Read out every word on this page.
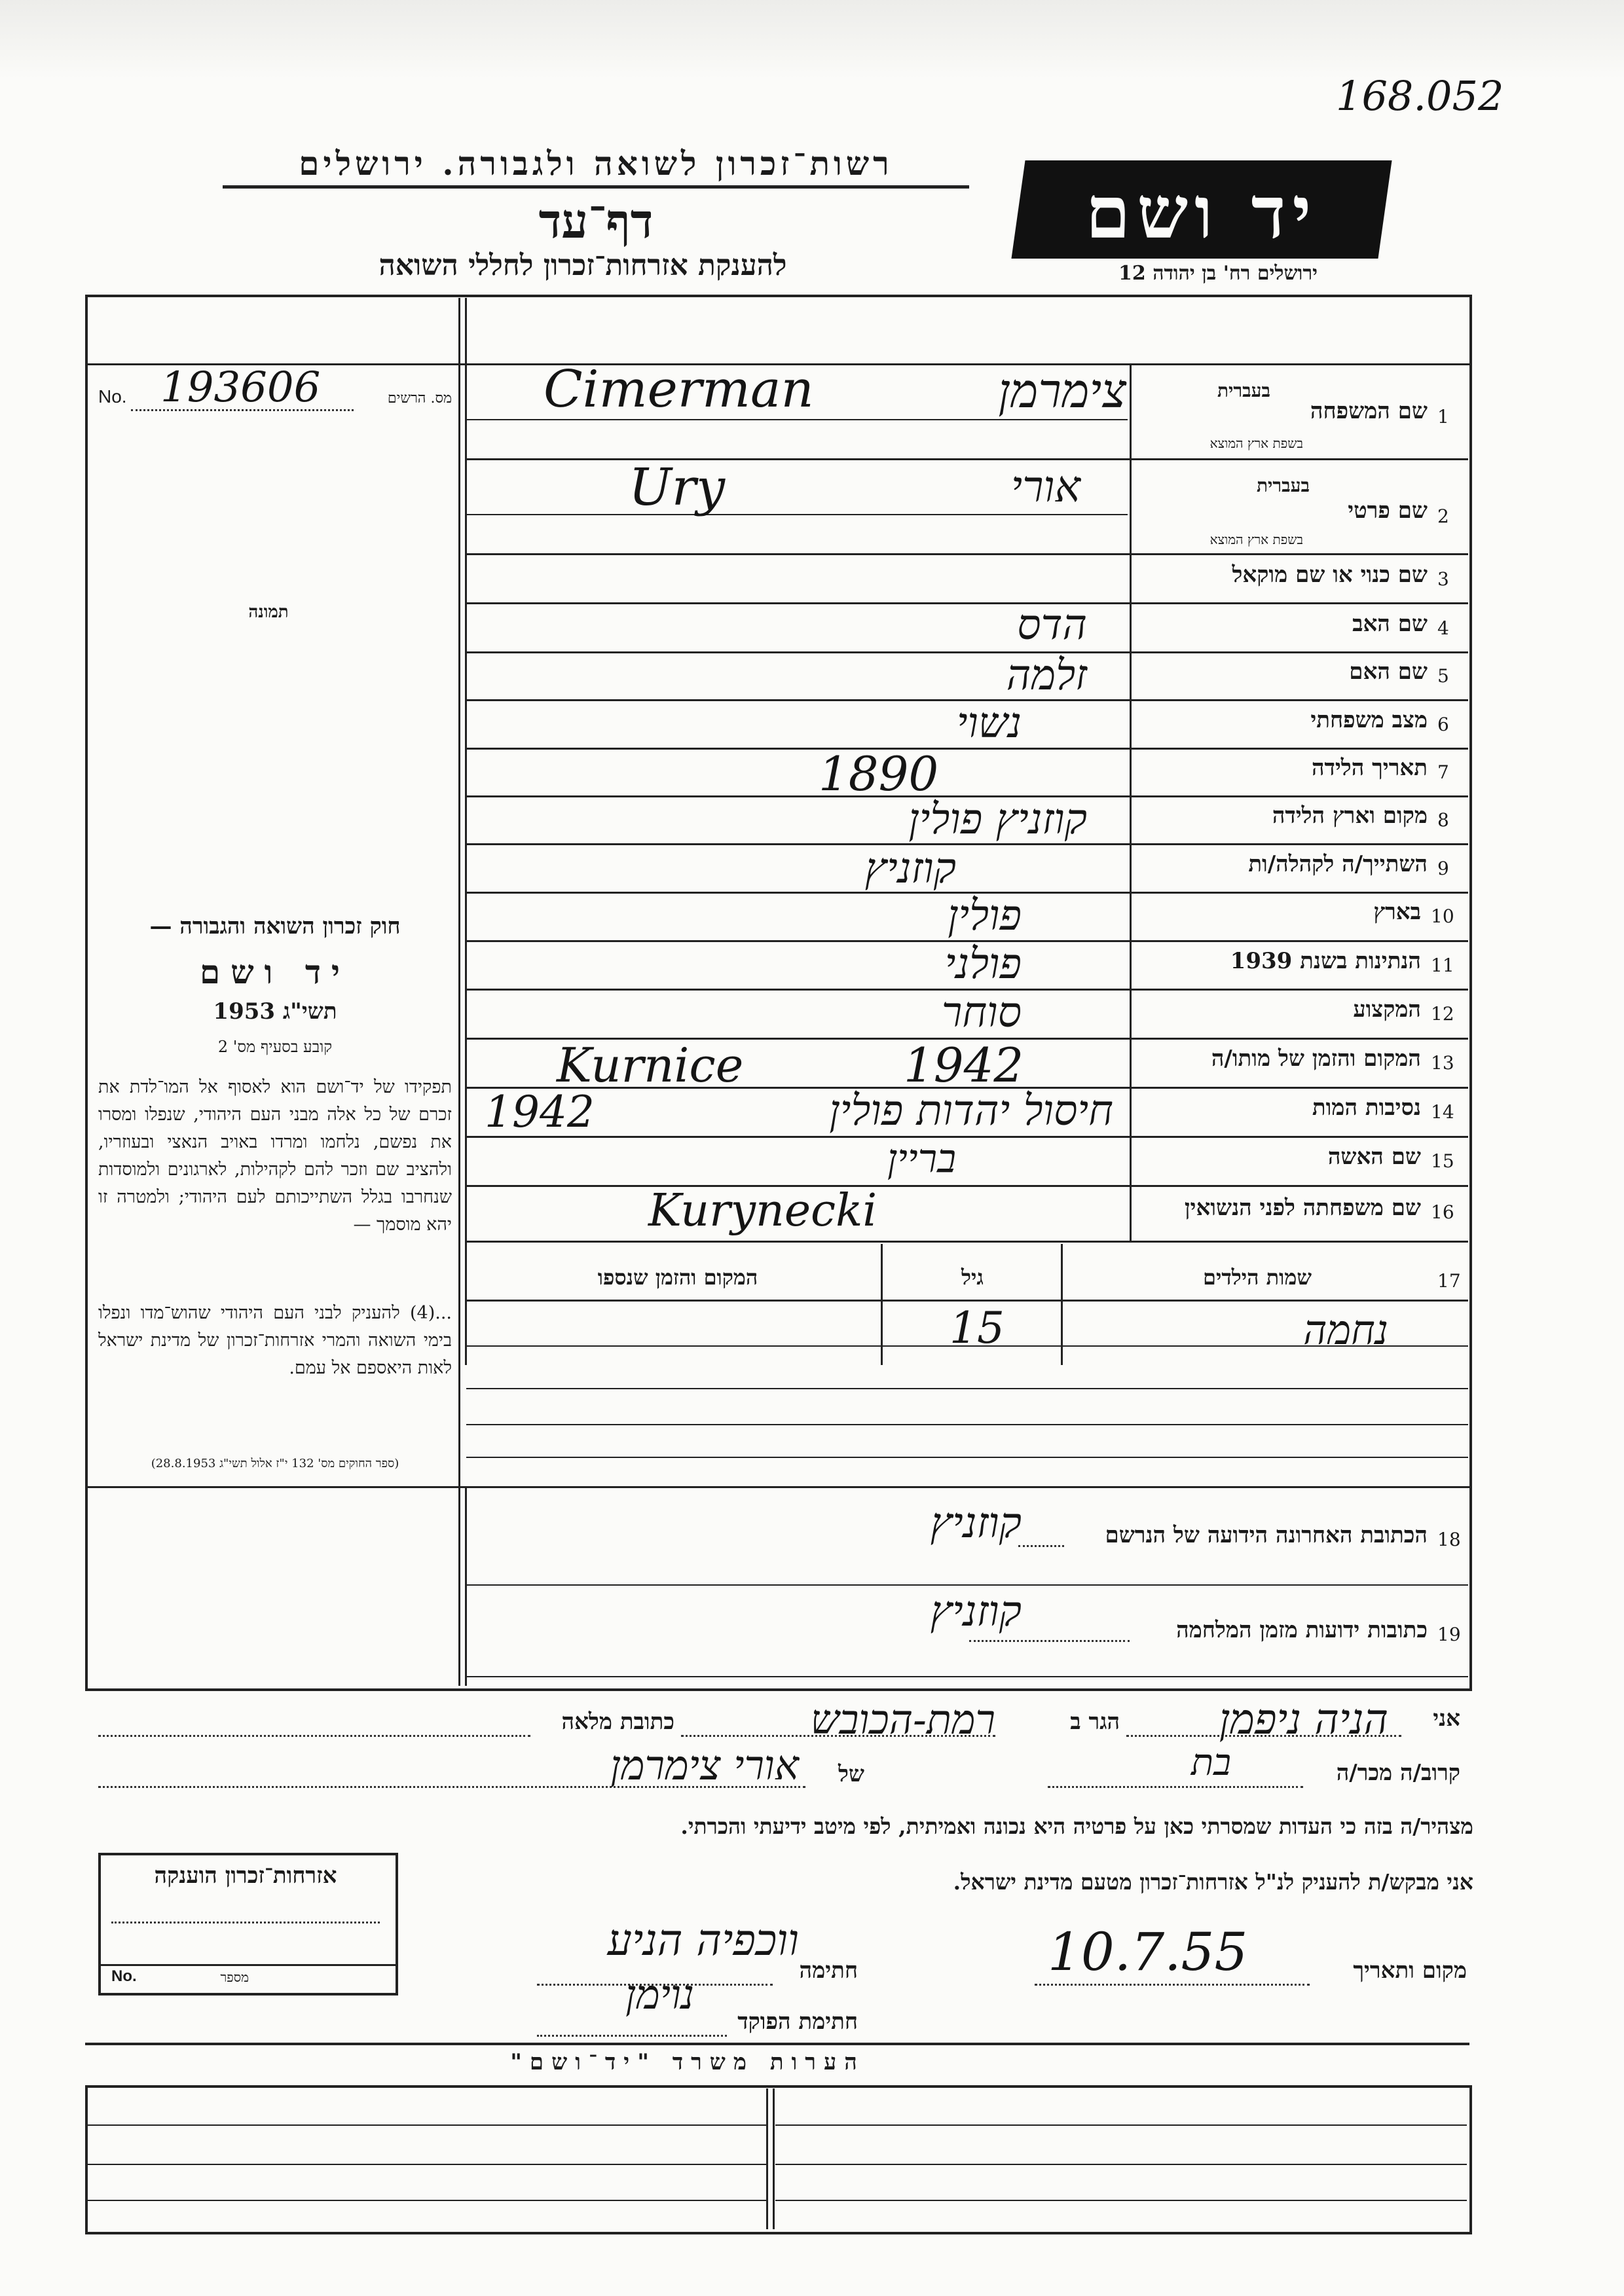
168.052
רשות־זכרון לשואה ולגבורה. ירושלים
דף־עד
להענקת אזרחות־זכרון לחללי השואה
יד ושם
ירושלים רח' בן יהודה 12
No. 193606	מס. הרשים
תמונה
חוק זכרון השואה והגבורה —
יד ושם
תשי"ג 1953
קובע בסעיף מס' 2
תפקידו של יד־ושם הוא לאסוף אל המו־לדת את זכרם של כל אלה מבני העם היהודי, שנפלו ומסרו את נפשם, נלחמו ומרדו באויב הנאצי ובעוזריו, ולהציב שם וזכר להם לקהילות, לארגונים ולמוסדות שנחרבו בגלל השתייכותם לעם היהודי; ולמטרה זו יהא מוסמך —
...(4) להעניק לבני העם היהודי שהוש־מדו ונפלו בימי השואה והמרי אזרחות־זכרון של מדינת ישראל לאות היאספם אל עמם.
(ספר החוקים מס' 132 י"ז אלול תשי"ג 28.8.1953)
1
שם המשפחה
בעברית
בשפת ארץ המוצא
Cimerman	צימרמן
2
שם פרטי
בעברית
בשפת ארץ המוצא
Ury	אורי
3
שם כנוי או שם מוקאל
4
שם האב
הדס
5
שם האם
זלמה
6
מצב משפחתי
נשוי
7
תאריך הלידה
1890
8
מקום וארץ הלידה
קוזניץ פולין
9
השתייך/ה לקהלה/ות
קוזניץ
10
בארץ
פולין
11
הנתינות בשנת 1939
פולני
12
המקצוע
סוחר
13
המקום והזמן של מותו/ה
Kurnice	1942
14
נסיבות המות
1942	חיסול יהדות פולין
15
שם האשה
בריין
16
שם משפחתה לפני הנשואין
Kurynecki
17
שמות הילדים
גיל
המקום והזמן שנספו
נחמה
15
18
הכתובת האחרונה הידועה של הנרשם
קוזניץ
19
כתובות ידועות מזמן המלחמה
קוזניץ
אני
הניה ניפמן
הגר ב
רמת-הכובש
כתובת מלאה
קרוב/ה מכר/ה
בת
של
אורי צימרמן
מצהיר/ה בזה כי העדות שמסרתי כאן על פרטיה היא נכונה ואמיתית, לפי מיטב ידיעתי והכרתי.
אני מבקש/ת להעניק לנ"ל אזרחות־זכרון מטעם מדינת ישראל.
מקום ותאריך
10.7.55
חתימה
ווכפיה הניע
חתימת הפוקד
נוימן
אזרחות־זכרון הוענקה
No.	מספר
הערות משרד "יד־ושם"
